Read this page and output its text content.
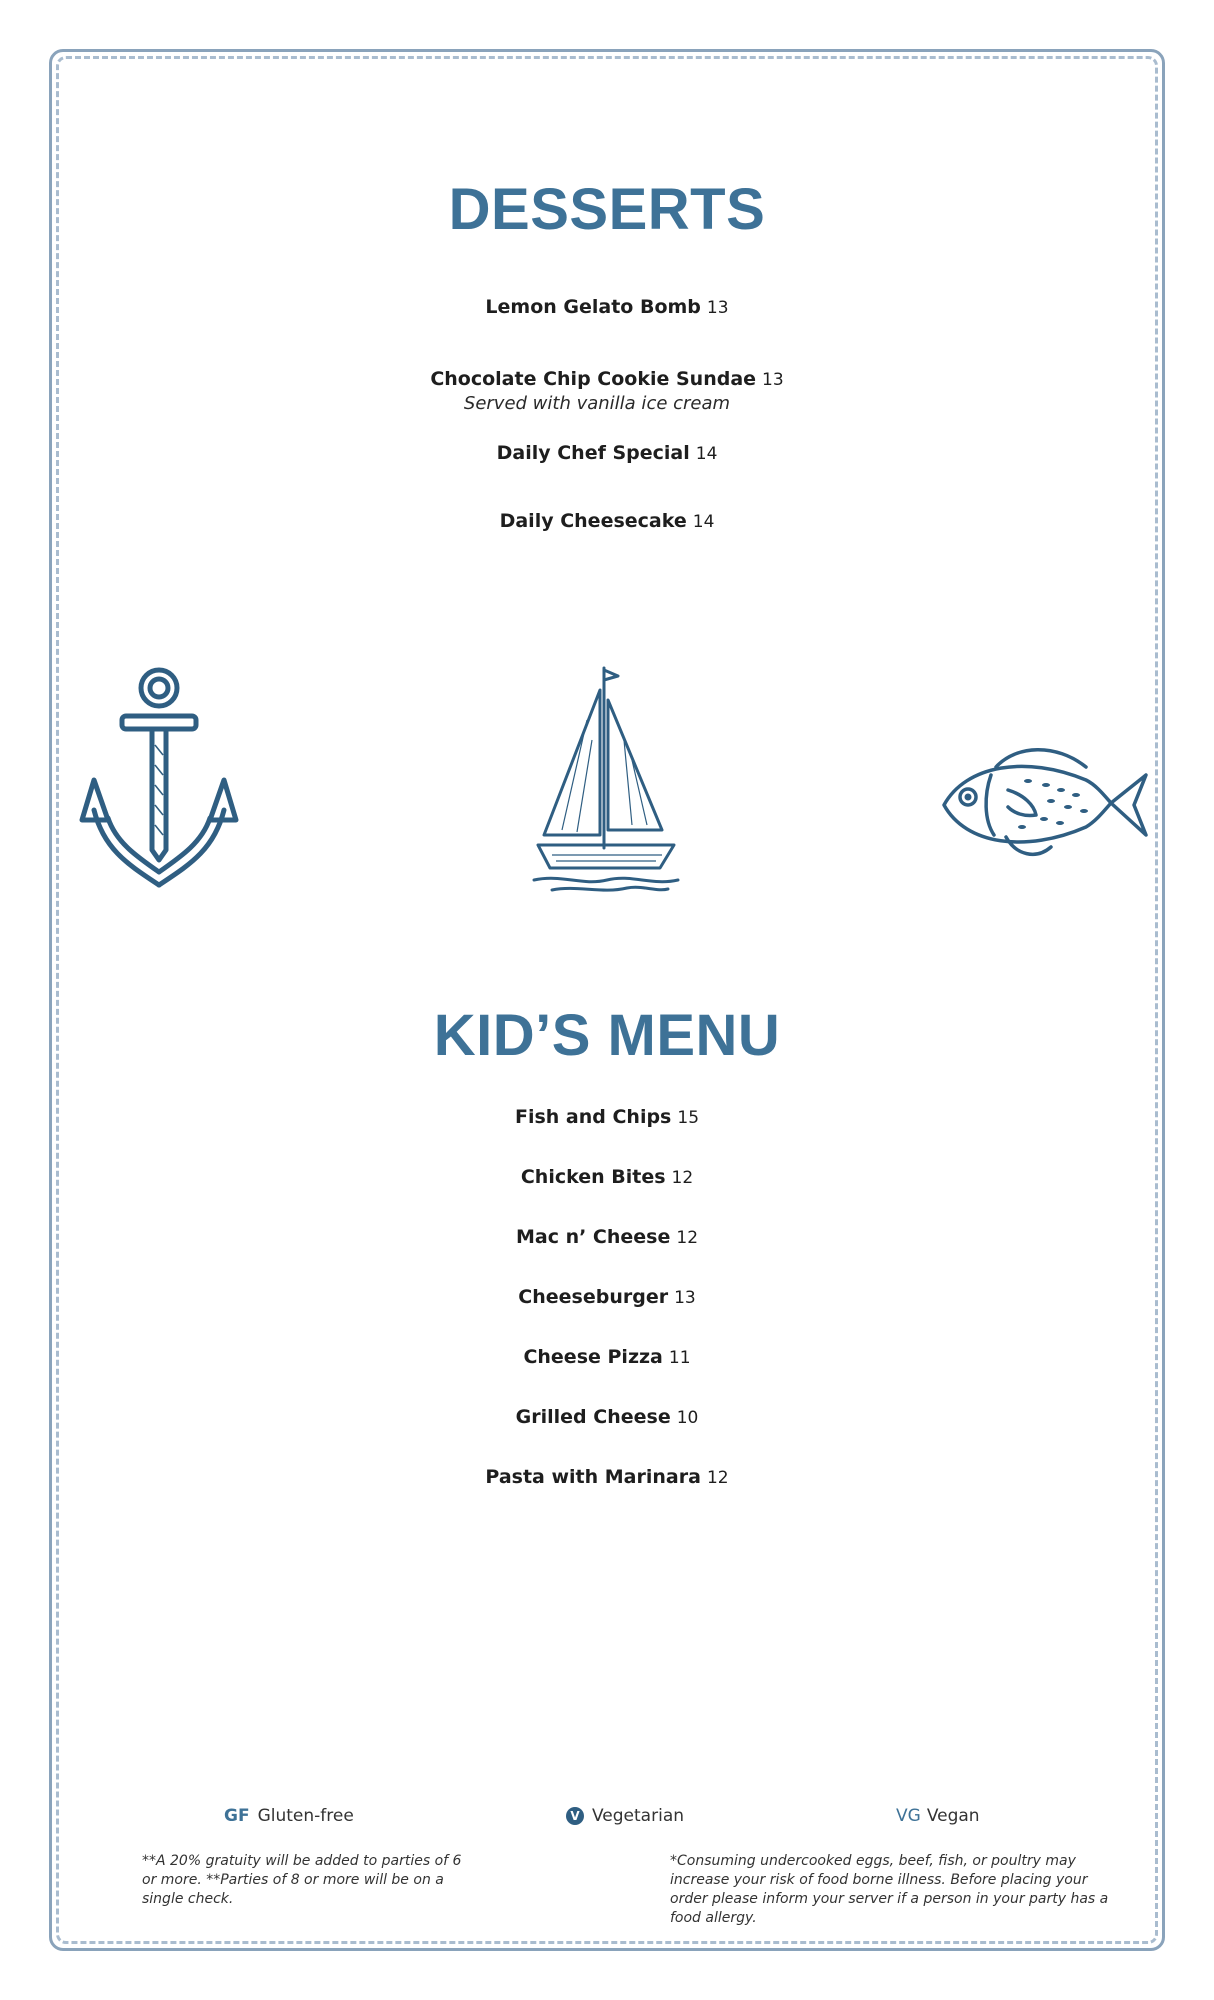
DESSERTS
Lemon Gelato Bomb 13
Chocolate Chip Cookie Sundae 13
Served with vanilla ice cream
Daily Chef Special 14
Daily Cheesecake 14
KID’S MENU
Fish and Chips 15
Chicken Bites 12
Mac n’ Cheese 12
Cheeseburger 13
Cheese Pizza 11
Grilled Cheese 10
Pasta with Marinara 12
GF Gluten-free	V Vegetarian	VG Vegan
**A 20% gratuity will be added to parties of 6 or more. **Parties of 8 or more will be on a single check.
*Consuming undercooked eggs, beef, fish, or poultry may increase your risk of food borne illness. Before placing your order please inform your server if a person in your party has a food allergy.
